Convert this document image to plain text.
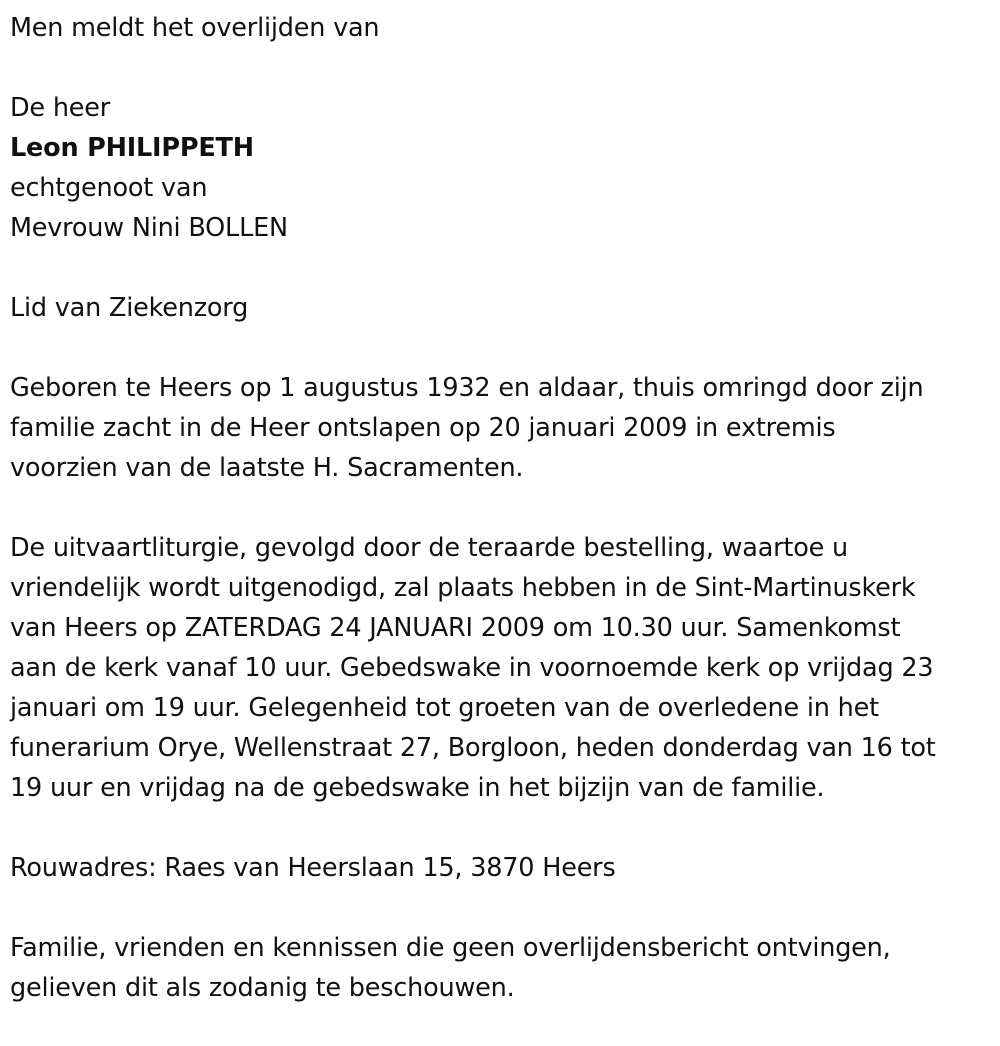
Men meldt het overlijden van

De heer

Leon PHILIPPETH

echtgenoot van

Mevrouw Nini BOLLEN

Lid van Ziekenzorg

Geboren te Heers op 1 augustus 1932 en aldaar, thuis omringd door zijn
familie zacht in de Heer ontslapen op 20 januari 2009 in extremis
voorzien van de laatste H. Sacramenten.

De uitvaartliturgie, gevolgd door de teraarde bestelling, waartoe u
vriendelijk wordt uitgenodigd, zal plaats hebben in de Sint-Martinuskerk
van Heers op ZATERDAG 24 JANUARI 2009 om 10.30 uur. Samenkomst
aan de kerk vanaf 10 uur. Gebedswake in voornoemde kerk op vrijdag 23
januari om 19 uur. Gelegenheid tot groeten van de overledene in het
funerarium Orye, Wellenstraat 27, Borgloon, heden donderdag van 16 tot
19 uur en vrijdag na de gebedswake in het bijzijn van de familie.

Rouwadres: Raes van Heerslaan 15, 3870 Heers

Familie, vrienden en kennissen die geen overlijdensbericht ontvingen,
gelieven dit als zodanig te beschouwen.
